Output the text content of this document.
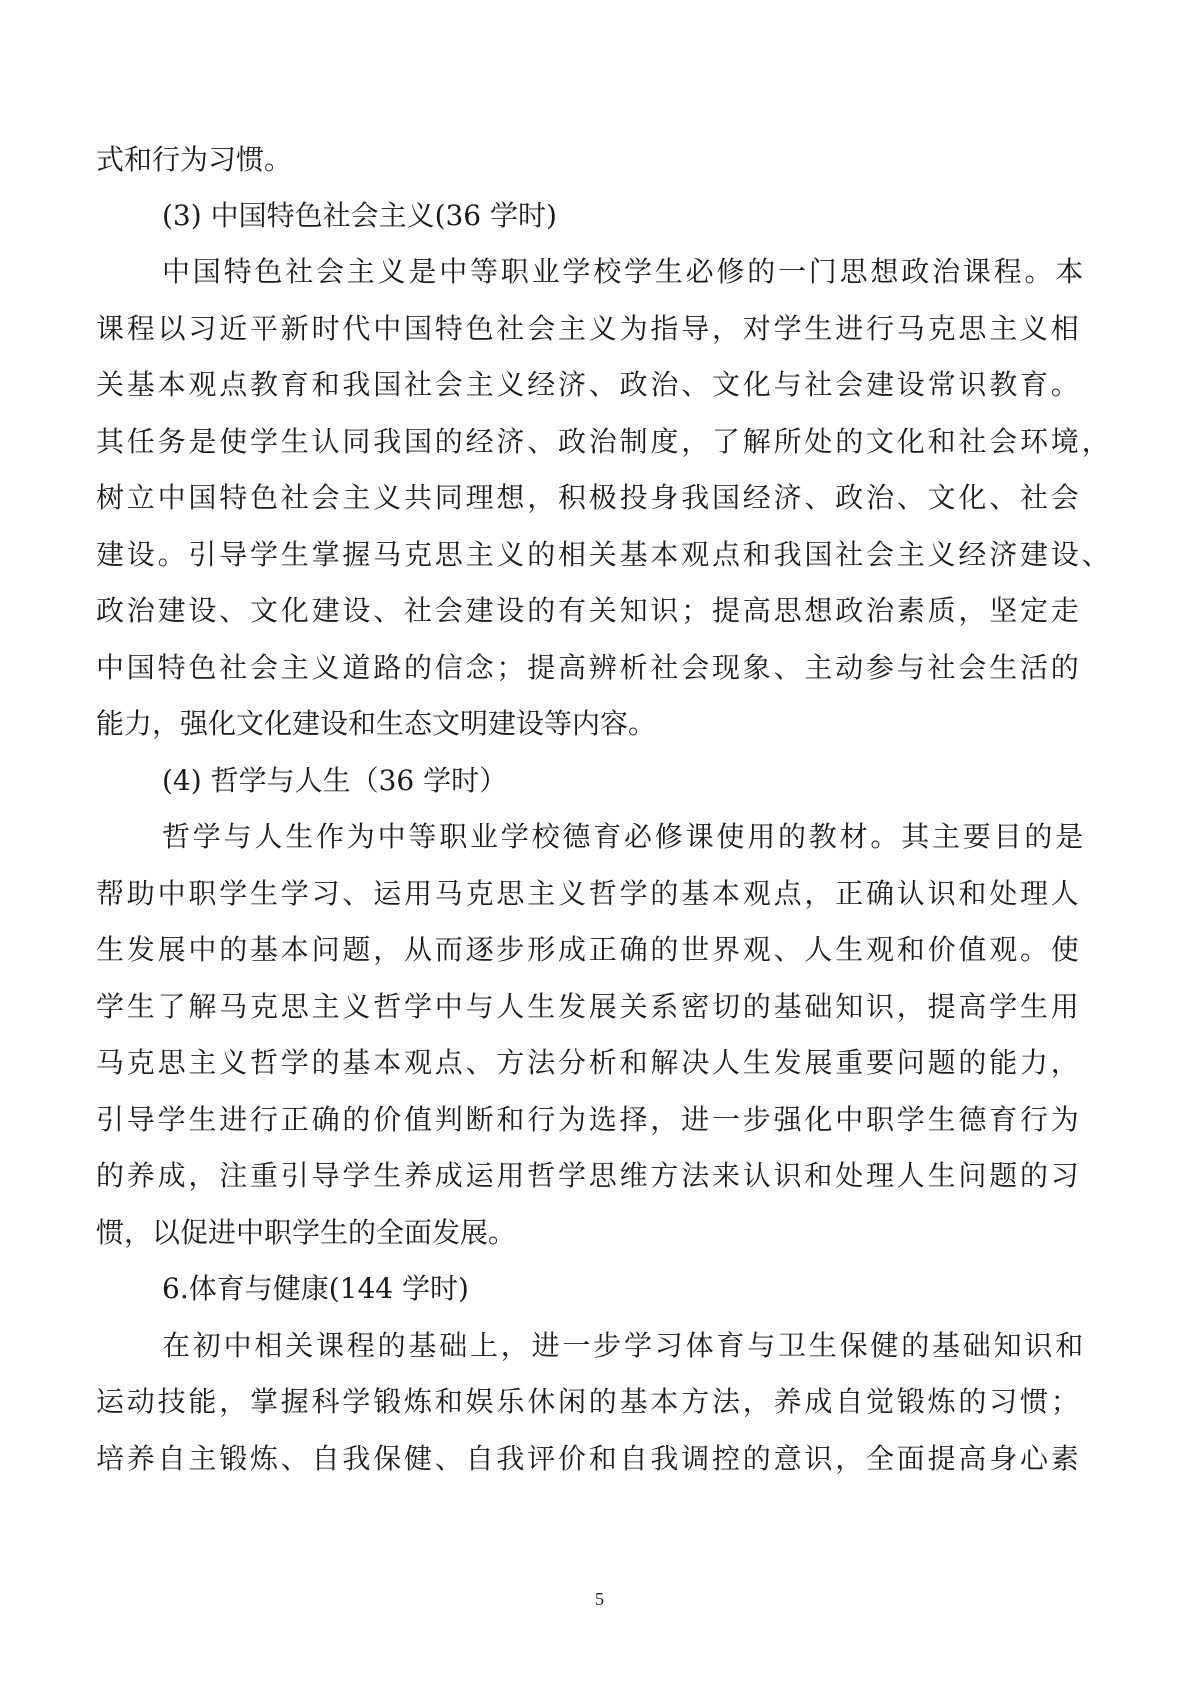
式和行为习惯。
(3) 中国特色社会主义(36 学时)
中国特色社会主义是中等职业学校学生必修的一门思想政治课程。本
课程以习近平新时代中国特色社会主义为指导，对学生进行马克思主义相
关基本观点教育和我国社会主义经济、政治、文化与社会建设常识教育。
其任务是使学生认同我国的经济、政治制度，了解所处的文化和社会环境，
树立中国特色社会主义共同理想，积极投身我国经济、政治、文化、社会
建设。引导学生掌握马克思主义的相关基本观点和我国社会主义经济建设、
政治建设、文化建设、社会建设的有关知识；提高思想政治素质，坚定走
中国特色社会主义道路的信念；提高辨析社会现象、主动参与社会生活的
能力，强化文化建设和生态文明建设等内容。
(4) 哲学与人生（36 学时）
哲学与人生作为中等职业学校德育必修课使用的教材。其主要目的是
帮助中职学生学习、运用马克思主义哲学的基本观点，正确认识和处理人
生发展中的基本问题，从而逐步形成正确的世界观、人生观和价值观。使
学生了解马克思主义哲学中与人生发展关系密切的基础知识，提高学生用
马克思主义哲学的基本观点、方法分析和解决人生发展重要问题的能力，
引导学生进行正确的价值判断和行为选择，进一步强化中职学生德育行为
的养成，注重引导学生养成运用哲学思维方法来认识和处理人生问题的习
惯，以促进中职学生的全面发展。
6.体育与健康(144 学时)
在初中相关课程的基础上，进一步学习体育与卫生保健的基础知识和
运动技能，掌握科学锻炼和娱乐休闲的基本方法，养成自觉锻炼的习惯；
培养自主锻炼、自我保健、自我评价和自我调控的意识，全面提高身心素
5
